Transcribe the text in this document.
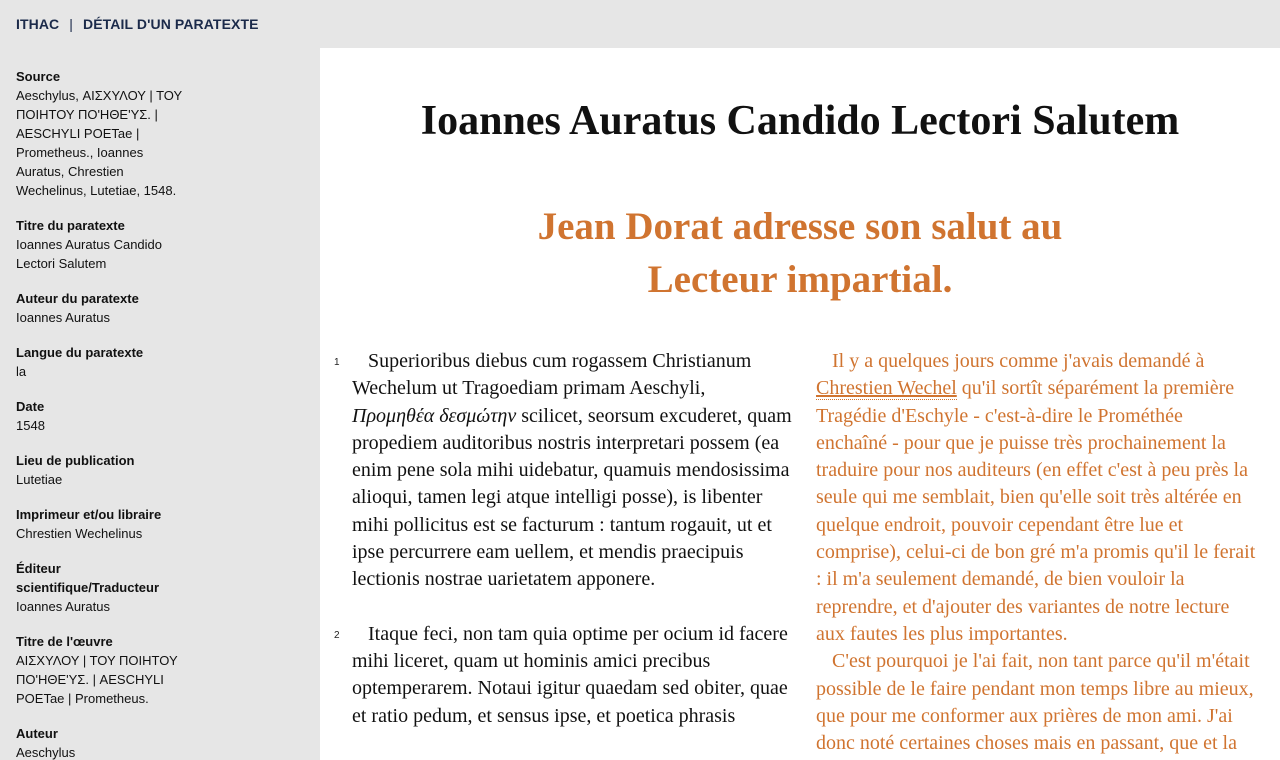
ITHAC | DÉTAIL D'UN PARATEXTE
Source
Aeschylus, ΑΙΣΧΥΛΟΥ | ΤΟΥ ΠΟΙΗΤΟΥ ΠΟ'ΗΘΕ'ΥΣ. | AESCHYLI POETae | Prometheus., Ioannes Auratus, Chrestien Wechelinus, Lutetiae, 1548.
Titre du paratexte
Ioannes Auratus Candido Lectori Salutem
Auteur du paratexte
Ioannes Auratus
Langue du paratexte
la
Date
1548
Lieu de publication
Lutetiae
Imprimeur et/ou libraire
Chrestien Wechelinus
Éditeur scientifique/Traducteur
Ioannes Auratus
Titre de l'œuvre
ΑΙΣΧΥΛΟΥ | ΤΟΥ ΠΟΙΗΤΟΥ ΠΟ'ΗΘΕ'ΥΣ. | AESCHYLI POETae | Prometheus.
Auteur
Aeschylus
Ioannes Auratus Candido Lectori Salutem
Jean Dorat adresse son salut au Lecteur impartial.

1 Superioribus diebus cum rogassem Christianum Wechelum ut Tragoediam primam Aeschyli, Προμηθέα δεσμώτην scilicet, seorsum excuderet, quam propediem auditoribus nostris interpretari possem (ea enim pene sola mihi uidebatur, quamuis mendosissima alioqui, tamen legi atque intelligi posse), is libenter mihi pollicitus est se facturum : tantum rogauit, ut et ipse percurrere eam uellem, et mendis praecipuis lectionis nostrae uarietatem apponere.

2 Itaque feci, non tam quia optime per ocium id facere mihi liceret, quam ut hominis amici precibus optemperarem. Notaui igitur quaedam sed obiter, quae et ratio pedum, et sensus ipse, et poetica phrasis

Il y a quelques jours comme j'avais demandé à Chrestien Wechel qu'il sortît séparément la première Tragédie d'Eschyle - c'est-à-dire le Prométhée enchaîné - pour que je puisse très prochainement la traduire pour nos auditeurs (en effet c'est à peu près la seule qui me semblait, bien qu'elle soit très altérée en quelque endroit, pouvoir cependant être lue et comprise), celui-ci de bon gré m'a promis qu'il le ferait : il m'a seulement demandé, de bien vouloir la reprendre, et d'ajouter des variantes de notre lecture aux fautes les plus importantes.

C'est pourquoi je l'ai fait, non tant parce qu'il m'était possible de le faire pendant mon temps libre au mieux, que pour me conformer aux prières de mon ami. J'ai donc noté certaines choses mais en passant, que et la
